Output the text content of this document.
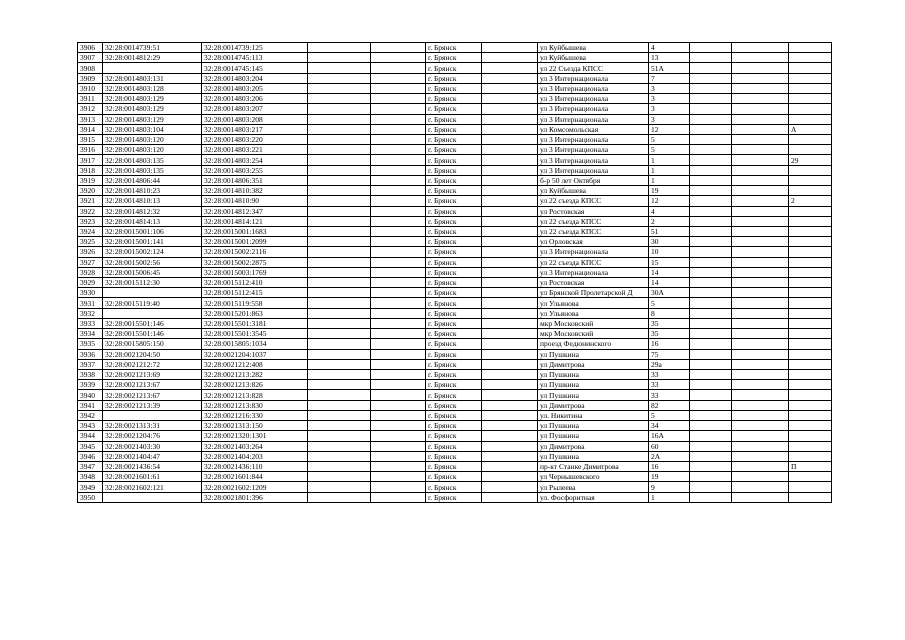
3906	32:28:0014739:51	32:28:0014739:125			г. Брянск		ул Куйбышева	4			
3907	32:28:0014812:29	32:28:0014745:113			г. Брянск		ул Куйбышева	13			
3908		32:28:0014745:145			г. Брянск		ул 22 Съезда КПСС	51А			
3909	32:28:0014803:131	32:28:0014803:204			г. Брянск		ул 3 Интернационала	7			
3910	32:28:0014803:128	32:28:0014803:205			г. Брянск		ул 3 Интернационала	3			
3911	32:28:0014803:129	32:28:0014803:206			г. Брянск		ул 3 Интернационала	3			
3912	32:28:0014803:129	32:28:0014803:207			г. Брянск		ул 3 Интернационала	3			
3913	32:28:0014803:129	32:28:0014803:208			г. Брянск		ул 3 Интернационала	3			
3914	32:28:0014803:104	32:28:0014803:217			г. Брянск		ул Комсомольская	12			А
3915	32:28:0014803:120	32:28:0014803:220			г. Брянск		ул 3 Интернационала	5			
3916	32:28:0014803:120	32:28:0014803:221			г. Брянск		ул 3 Интернационала	5			
3917	32:28:0014803:135	32:28:0014803:254			г. Брянск		ул 3 Интернационала	1			29
3918	32:28:0014803:135	32:28:0014803:255			г. Брянск		ул 3 Интернационала	1			
3919	32:28:0014806:44	32:28:0014806:351			г. Брянск		б-р 50 лет Октября	1			
3920	32:28:0014810:23	32:28:0014810:382			г. Брянск		ул Куйбышева	19			
3921	32:28:0014810:13	32:28:0014810:90			г. Брянск		ул 22 съезда КПСС	12			2
3922	32:28:0014812:32	32:28:0014812:347			г. Брянск		ул Ростовская	4			
3923	32:28:0014814:13	32:28:0014814:121			г. Брянск		ул 22 съезда КПСС	2			
3924	32:28:0015001:106	32:28:0015001:1683			г. Брянск		ул 22 съезда КПСС	51			
3925	32:28:0015001:141	32:28:0015001:2099			г. Брянск		ул Орловская	30			
3926	32:28:0015002:124	32:28:0015002:2116			г. Брянск		ул 3 Интернационала	10			
3927	32:28:0015002:56	32:28:0015002:2875			г. Брянск		ул 22 съезда КПСС	15			
3928	32:28:0015006:45	32:28:0015003:1769			г. Брянск		ул 3 Интернационала	14			
3929	32:28:0015112:30	32:28:0015112:410			г. Брянск		ул Ростовская	14			
3930		32:28:0015112:415			г. Брянск		ул Брянской Пролетарской Д	30А			
3931	32:28:0015119:40	32:28:0015119:558			г. Брянск		ул Ульянова	5			
3932		32:28:0015201:863			г. Брянск		ул Ульянова	8			
3933	32:28:0015501:146	32:28:0015501:3181			г. Брянск		мкр Московский	35			
3934	32:28:0015501:146	32:28:0015501:3545			г. Брянск		мкр Московский	35			
3935	32:28:0015805:150	32:28:0015805:1034			г. Брянск		проезд Федюнинского	16			
3936	32:28:0021204:50	32:28:0021204:1037			г. Брянск		ул Пушкина	75			
3937	32:28:0021212:72	32:28:0021212:408			г. Брянск		ул Димитрова	29а			
3938	32:28:0021213:69	32:28:0021213:282			г. Брянск		ул Пушкина	33			
3939	32:28:0021213:67	32:28:0021213:826			г. Брянск		ул Пушкина	33			
3940	32:28:0021213:67	32:28:0021213:828			г. Брянск		ул Пушкина	33			
3941	32:28:0021213:39	32:28:0021213:830			г. Брянск		ул Димитрова	82			
3942		32:28:0021216:330			г. Брянск		ул. Никитина	5			
3943	32:28:0021313:31	32:28:0021313:150			г. Брянск		ул Пушкина	34			
3944	32:28:0021204:76	32:28:0021320:1301			г. Брянск		ул Пушкина	16А			
3945	32:28:0021403:30	32:28:0021403:264			г. Брянск		ул Димитрова	60			
3946	32:28:0021404:47	32:28:0021404:203			г. Брянск		ул Пушкина	2А			
3947	32:28:0021436:54	32:28:0021436:110			г. Брянск		пр-кт Станке Димитрова	16			П
3948	32:28:0021601:61	32:28:0021601:844			г. Брянск		ул Чернышевского	19			
3949	32:28:0021602:121	32:28:0021602:1209			г. Брянск		ул Рылеева	9			
3950		32:28:0021801:396			г. Брянск		ул. Фосфоритная	1			
